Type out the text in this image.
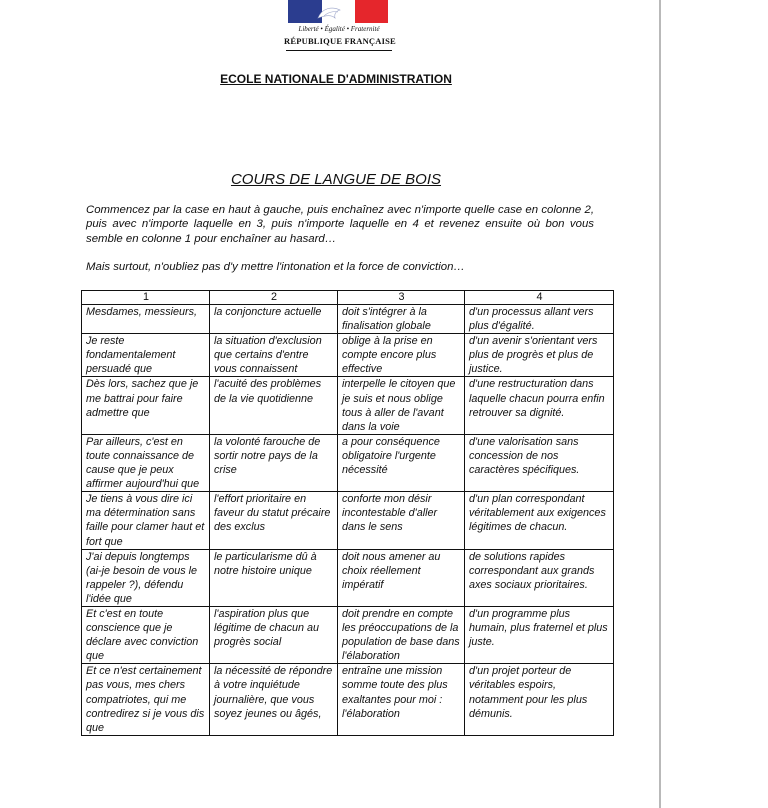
Liberté • Égalité • Fraternité
RÉPUBLIQUE FRANÇAISE
ECOLE NATIONALE D'ADMINISTRATION
COURS DE LANGUE DE BOIS
Commencez par la case en haut à gauche, puis enchaînez avec n'importe quelle case en colonne 2, puis avec n'importe laquelle en 3, puis n'importe laquelle en 4 et revenez ensuite où bon vous semble en colonne 1 pour enchaîner au hasard…
Mais surtout, n'oubliez pas d'y mettre l'intonation et la force de conviction…
1	2	3	4
Mesdames, messieurs,	la conjoncture actuelle	doit s'intégrer à la finalisation globale	d'un processus allant vers plus d'égalité.
Je reste fondamentalement persuadé que	la situation d'exclusion que certains d'entre vous connaissent	oblige à la prise en compte encore plus effective	d'un avenir s'orientant vers plus de progrès et plus de justice.
Dès lors, sachez que je me battrai pour faire admettre que	l'acuité des problèmes de la vie quotidienne	interpelle le citoyen que je suis et nous oblige tous à aller de l'avant dans la voie	d'une restructuration dans laquelle chacun pourra enfin retrouver sa dignité.
Par ailleurs, c'est en toute connaissance de cause que je peux affirmer aujourd'hui que	la volonté farouche de sortir notre pays de la crise	a pour conséquence obligatoire l'urgente nécessité	d'une valorisation sans concession de nos caractères spécifiques.
Je tiens à vous dire ici ma détermination sans faille pour clamer haut et fort que	l'effort prioritaire en faveur du statut précaire des exclus	conforte mon désir incontestable d'aller dans le sens	d'un plan correspondant véritablement aux exigences légitimes de chacun.
J'ai depuis longtemps (ai-je besoin de vous le rappeler ?), défendu l'idée que	le particularisme dû à notre histoire unique	doit nous amener au choix réellement impératif	de solutions rapides correspondant aux grands axes sociaux prioritaires.
Et c'est en toute conscience que je déclare avec conviction que	l'aspiration plus que légitime de chacun au progrès social	doit prendre en compte les préoccupations de la population de base dans l'élaboration	d'un programme plus humain, plus fraternel et plus juste.
Et ce n'est certainement pas vous, mes chers compatriotes, qui me contredirez si je vous dis que	la nécessité de répondre à votre inquiétude journalière, que vous soyez jeunes ou âgés,	entraîne une mission somme toute des plus exaltantes pour moi : l'élaboration	d'un projet porteur de véritables espoirs, notamment pour les plus démunis.
